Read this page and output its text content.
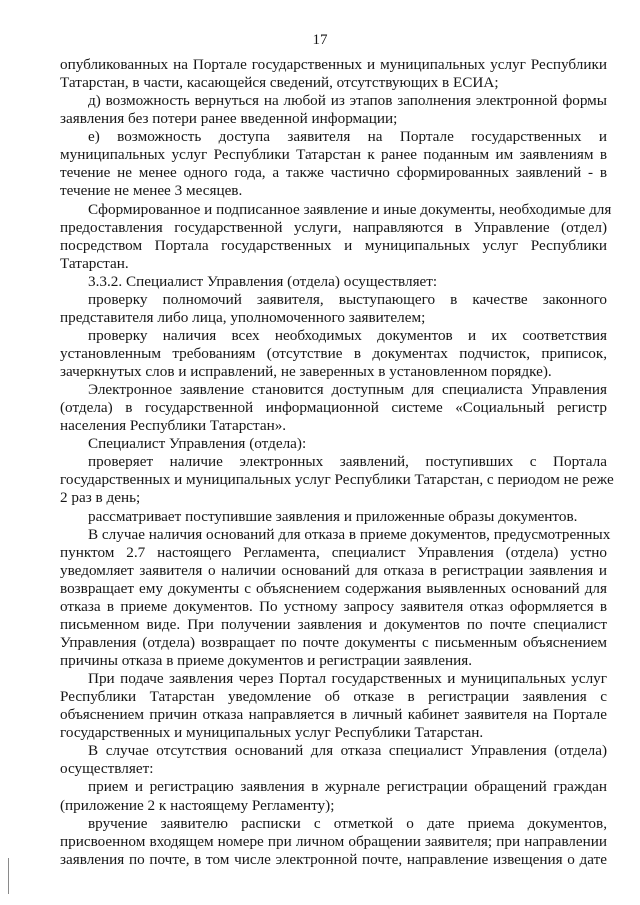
17
опубликованных на Портале государственных и муниципальных услуг Республики
Татарстан, в части, касающейся сведений, отсутствующих в ЕСИА;
д) возможность вернуться на любой из этапов заполнения электронной формы
заявления без потери ранее введенной информации;
е) возможность доступа заявителя на Портале государственных и
муниципальных услуг Республики Татарстан к ранее поданным им заявлениям в
течение не менее одного года, а также частично сформированных заявлений - в
течение не менее 3 месяцев.
Сформированное и подписанное заявление и иные документы, необходимые для
предоставления государственной услуги, направляются в Управление (отдел)
посредством Портала государственных и муниципальных услуг Республики
Татарстан.
3.3.2. Специалист Управления (отдела) осуществляет:
проверку полномочий заявителя, выступающего в качестве законного
представителя либо лица, уполномоченного заявителем;
проверку наличия всех необходимых документов и их соответствия
установленным требованиям (отсутствие в документах подчисток, приписок,
зачеркнутых слов и исправлений, не заверенных в установленном порядке).
Электронное заявление становится доступным для специалиста Управления
(отдела) в государственной информационной системе «Социальный регистр
населения Республики Татарстан».
Специалист Управления (отдела):
проверяет наличие электронных заявлений, поступивших с Портала
государственных и муниципальных услуг Республики Татарстан, с периодом не реже
2 раз в день;
рассматривает поступившие заявления и приложенные образы документов.
В случае наличия оснований для отказа в приеме документов, предусмотренных
пунктом 2.7 настоящего Регламента, специалист Управления (отдела) устно
уведомляет заявителя о наличии оснований для отказа в регистрации заявления и
возвращает ему документы с объяснением содержания выявленных оснований для
отказа в приеме документов. По устному запросу заявителя отказ оформляется в
письменном виде. При получении заявления и документов по почте специалист
Управления (отдела) возвращает по почте документы с письменным объяснением
причины отказа в приеме документов и регистрации заявления.
При подаче заявления через Портал государственных и муниципальных услуг
Республики Татарстан уведомление об отказе в регистрации заявления с
объяснением причин отказа направляется в личный кабинет заявителя на Портале
государственных и муниципальных услуг Республики Татарстан.
В случае отсутствия оснований для отказа специалист Управления (отдела)
осуществляет:
прием и регистрацию заявления в журнале регистрации обращений граждан
(приложение 2 к настоящему Регламенту);
вручение заявителю расписки с отметкой о дате приема документов,
присвоенном входящем номере при личном обращении заявителя; при направлении
заявления по почте, в том числе электронной почте, направление извещения о дате
